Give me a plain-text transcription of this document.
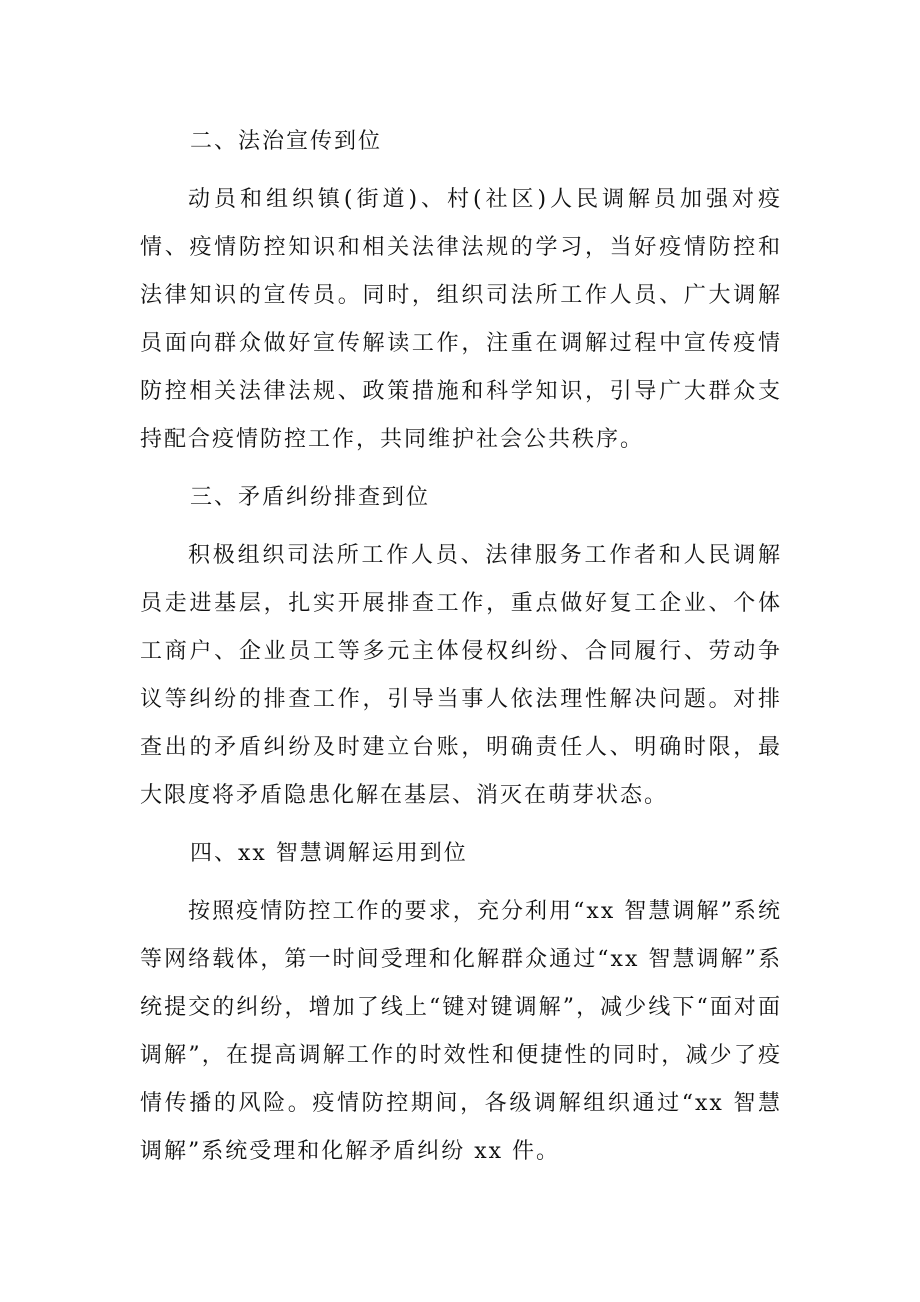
二、法治宣传到位

动员和组织镇(街道)、村(社区)人民调解员加强对疫情、疫情防控知识和相关法律法规的学习，当好疫情防控和法律知识的宣传员。同时，组织司法所工作人员、广大调解员面向群众做好宣传解读工作，注重在调解过程中宣传疫情防控相关法律法规、政策措施和科学知识，引导广大群众支持配合疫情防控工作，共同维护社会公共秩序。

三、矛盾纠纷排查到位

积极组织司法所工作人员、法律服务工作者和人民调解员走进基层，扎实开展排查工作，重点做好复工企业、个体工商户、企业员工等多元主体侵权纠纷、合同履行、劳动争议等纠纷的排查工作，引导当事人依法理性解决问题。对排查出的矛盾纠纷及时建立台账，明确责任人、明确时限，最大限度将矛盾隐患化解在基层、消灭在萌芽状态。

四、xx 智慧调解运用到位

按照疫情防控工作的要求，充分利用“xx 智慧调解”系统等网络载体，第一时间受理和化解群众通过“xx 智慧调解”系统提交的纠纷，增加了线上“键对键调解”，减少线下“面对面调解”，在提高调解工作的时效性和便捷性的同时，减少了疫情传播的风险。疫情防控期间，各级调解组织通过“xx 智慧调解”系统受理和化解矛盾纠纷 xx 件。
